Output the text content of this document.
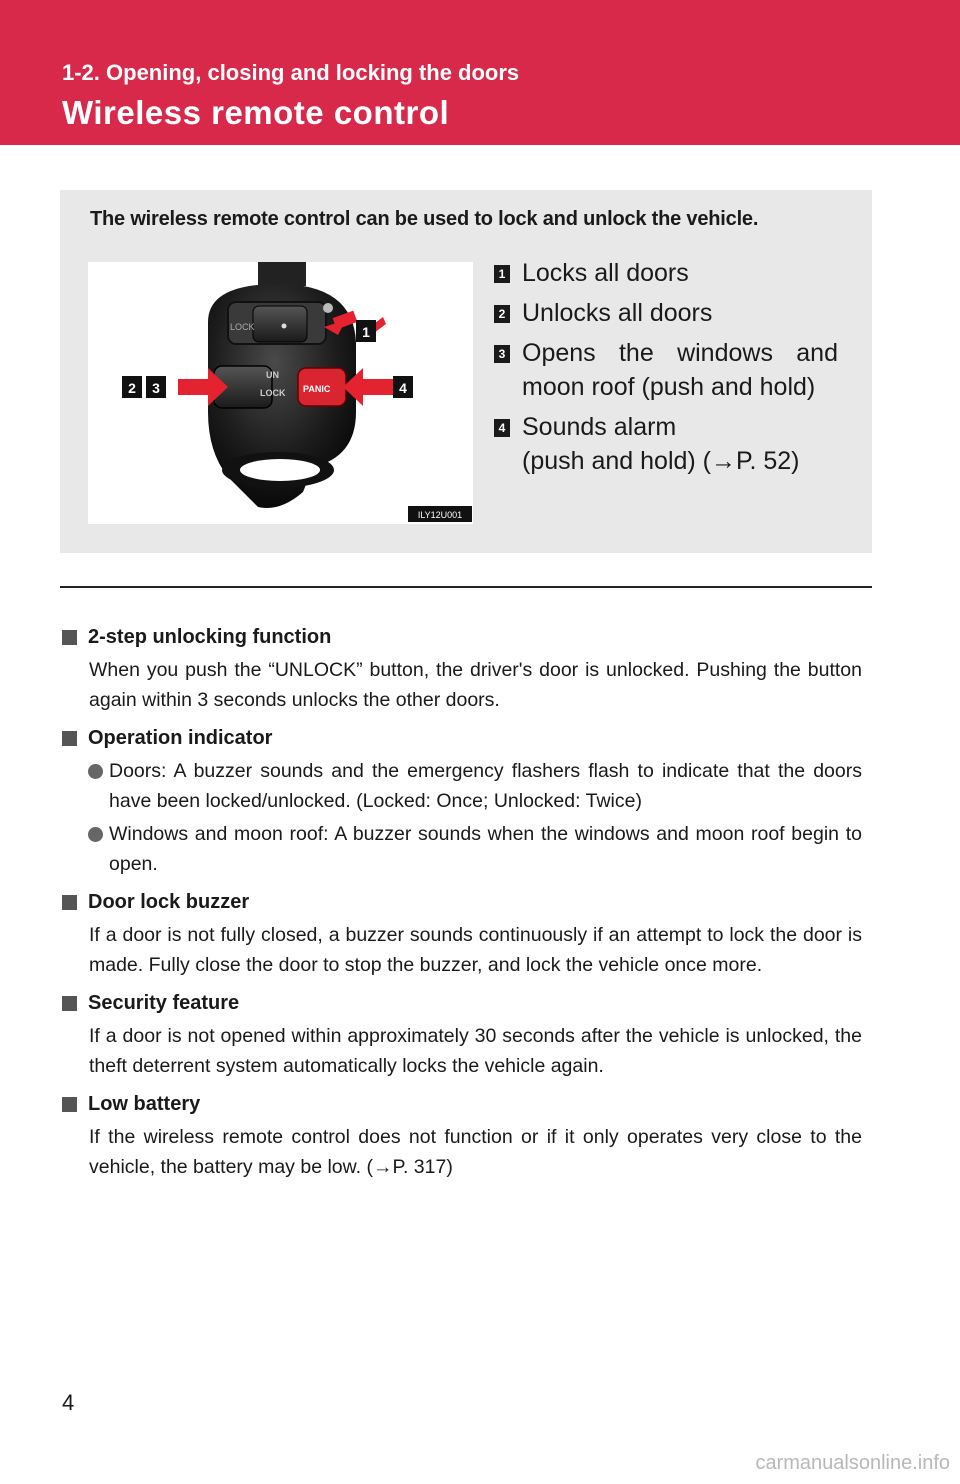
1-2. Opening, closing and locking the doors
Wireless remote control
The wireless remote control can be used to lock and unlock the vehicle.
LOCK
UN
LOCK PANIC
1
2 3	4
ILY12U001
1 Locks all doors
2 Unlocks all doors
3 Opens the windows and
moon roof (push and hold)
4 Sounds alarm
(push and hold) (→P. 52)
2-step unlocking function
When you push the “UNLOCK” button, the driver's door is unlocked. Pushing the button again within 3 seconds unlocks the other doors.
Operation indicator
Doors: A buzzer sounds and the emergency flashers flash to indicate that the doors have been locked/unlocked. (Locked: Once; Unlocked: Twice)
Windows and moon roof: A buzzer sounds when the windows and moon roof begin to open.
Door lock buzzer
If a door is not fully closed, a buzzer sounds continuously if an attempt to lock the door is made. Fully close the door to stop the buzzer, and lock the vehicle once more.
Security feature
If a door is not opened within approximately 30 seconds after the vehicle is unlocked, the theft deterrent system automatically locks the vehicle again.
Low battery
If the wireless remote control does not function or if it only operates very close to the vehicle, the battery may be low. (→P. 317)
4
carmanualsonline.info
